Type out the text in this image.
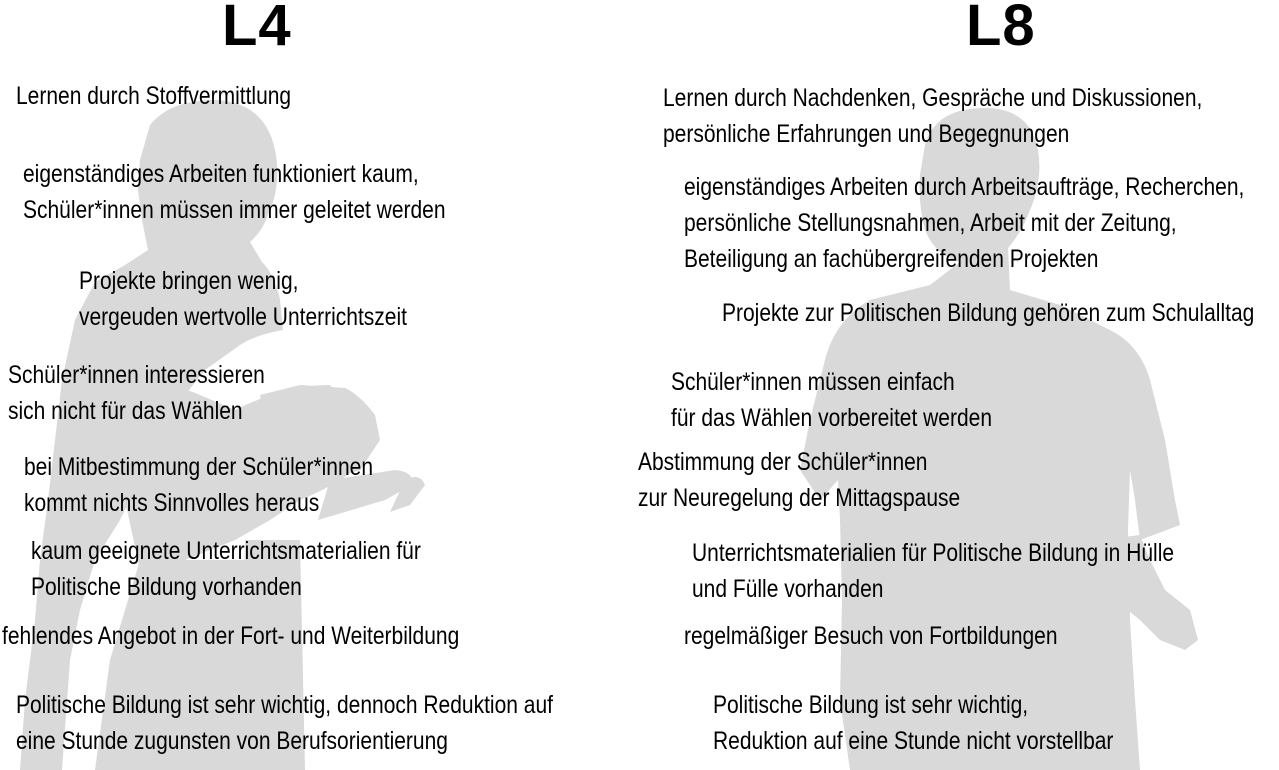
L4	L8
Lernen durch Stoffvermittlung
eigenständiges Arbeiten funktioniert kaum,
Schüler*innen müssen immer geleitet werden
Projekte bringen wenig,
vergeuden wertvolle Unterrichtszeit
Schüler*innen interessieren
sich nicht für das Wählen
bei Mitbestimmung der Schüler*innen
kommt nichts Sinnvolles heraus
kaum geeignete Unterrichtsmaterialien für
Politische Bildung vorhanden
fehlendes Angebot in der Fort- und Weiterbildung
Politische Bildung ist sehr wichtig, dennoch Reduktion auf
eine Stunde zugunsten von Berufsorientierung
Lernen durch Nachdenken, Gespräche und Diskussionen,
persönliche Erfahrungen und Begegnungen
eigenständiges Arbeiten durch Arbeitsaufträge, Recherchen,
persönliche Stellungsnahmen, Arbeit mit der Zeitung,
Beteiligung an fachübergreifenden Projekten
Projekte zur Politischen Bildung gehören zum Schulalltag
Schüler*innen müssen einfach
für das Wählen vorbereitet werden
Abstimmung der Schüler*innen
zur Neuregelung der Mittagspause
Unterrichtsmaterialien für Politische Bildung in Hülle
und Fülle vorhanden
regelmäßiger Besuch von Fortbildungen
Politische Bildung ist sehr wichtig,
Reduktion auf eine Stunde nicht vorstellbar
